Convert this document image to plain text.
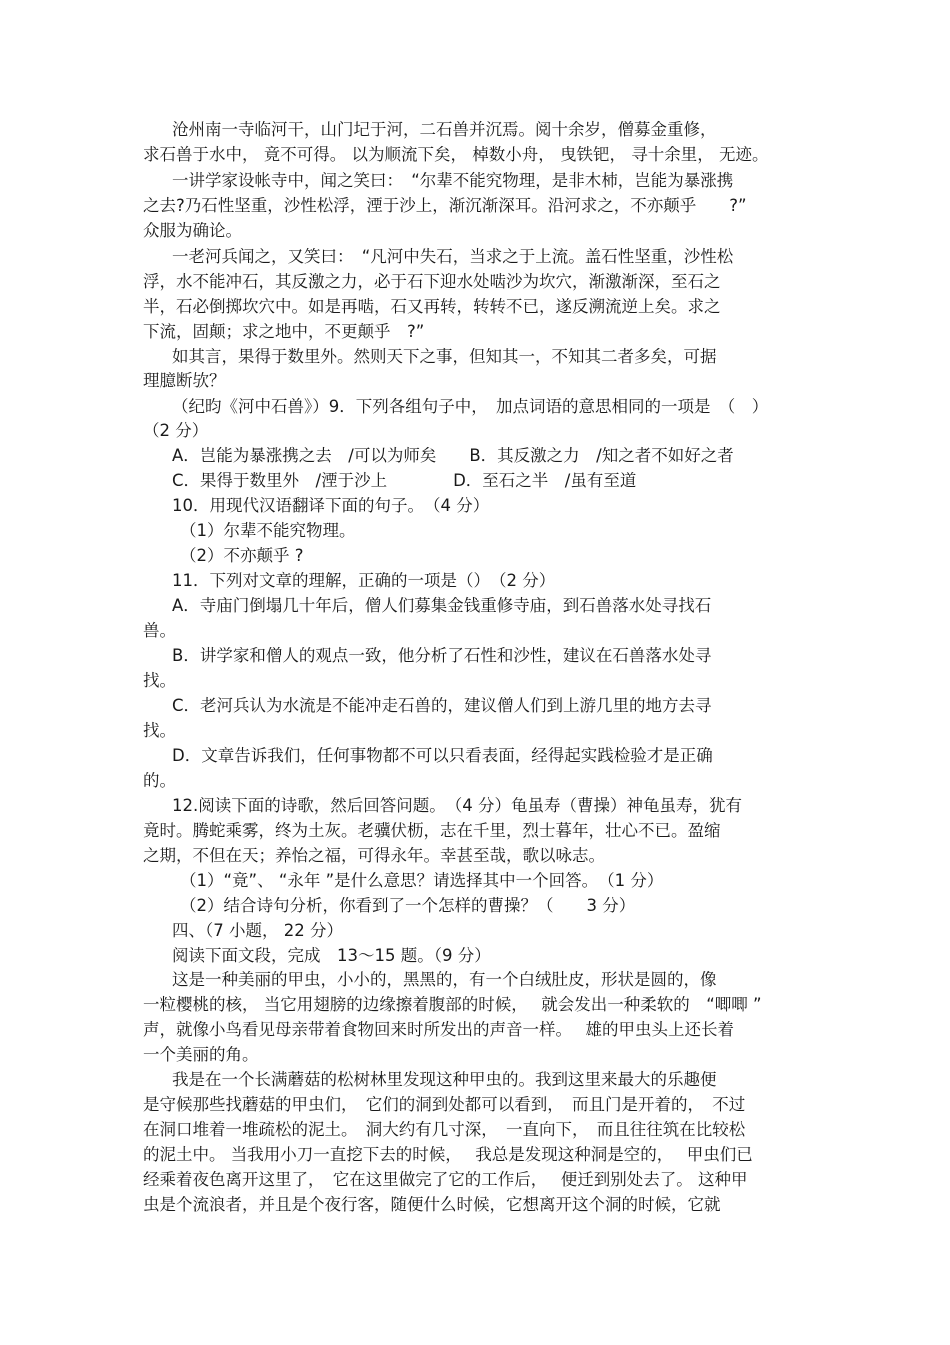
沧州南一寺临河干，山门圮于河，二石兽并沉焉。阅十余岁，僧募金重修，
求石兽于水中， 竟不可得。 以为顺流下矣， 棹数小舟， 曳铁钯， 寻十余里， 无迹。
一讲学家设帐寺中，闻之笑曰：　“尔辈不能究物理，是非木杮，岂能为暴涨携
之去?乃石性坚重，沙性松浮，湮于沙上，渐沉渐深耳。沿河求之，不亦颠乎　　?”
众服为确论。
一老河兵闻之，又笑曰：　“凡河中失石，当求之于上流。盖石性坚重，沙性松
浮，水不能冲石，其反激之力，必于石下迎水处啮沙为坎穴，渐激渐深，至石之
半，石必倒掷坎穴中。如是再啮，石又再转，转转不已，遂反溯流逆上矣。求之
下流，固颠；求之地中，不更颠乎　?”
如其言，果得于数里外。然则天下之事，但知其一，不知其二者多矣，可据
理臆断欤？
（纪昀《河中石兽》）9．下列各组句子中，　加点词语的意思相同的一项是　（　）
（2 分）
A．岂能为暴涨携之去　/可以为师矣　　B．其反激之力　/知之者不如好之者
C．果得于数里外　/湮于沙上　　　　D．至石之半　/虽有至道
10．用现代汉语翻译下面的句子。　（4 分）
（1）尔辈不能究物理。
（2）不亦颠乎 ?
11．下列对文章的理解，正确的一项是（）　（2 分）
A．寺庙门倒塌几十年后，僧人们募集金钱重修寺庙，到石兽落水处寻找石
兽。
B．讲学家和僧人的观点一致，他分析了石性和沙性，建议在石兽落水处寻
找。
C．老河兵认为水流是不能冲走石兽的，建议僧人们到上游几里的地方去寻
找。
D．文章告诉我们，任何事物都不可以只看表面，经得起实践检验才是正确
的。
12.阅读下面的诗歌，然后回答问题。　（4 分）龟虽寿（曹操）神龟虽寿，犹有
竟时。腾蛇乘雾，终为土灰。老骥伏枥，志在千里，烈士暮年，壮心不已。盈缩
之期，不但在天；养怡之福，可得永年。幸甚至哉，歌以咏志。
（1）“竟”、 “永年 ”是什么意思？请选择其中一个回答。　（1 分）
（2）结合诗句分析，你看到了一个怎样的曹操？（　　3 分）
四、（7 小题， 22 分）
阅读下面文段，完成　13～15 题。（9 分）
这是一种美丽的甲虫，小小的，黑黑的，有一个白绒肚皮，形状是圆的，像
一粒樱桃的核， 当它用翅膀的边缘擦着腹部的时候，　 就会发出一种柔软的　“唧唧 ”
声，就像小鸟看见母亲带着食物回来时所发出的声音一样。　 雄的甲虫头上还长着
一个美丽的角。
我是在一个长满蘑菇的松树林里发现这种甲虫的。我到这里来最大的乐趣便
是守候那些找蘑菇的甲虫们，　它们的洞到处都可以看到，　而且门是开着的，　不过
在洞口堆着一堆疏松的泥土。　洞大约有几寸深，　一直向下，　而且往往筑在比较松
的泥土中。 当我用小刀一直挖下去的时候，　 我总是发现这种洞是空的，　 甲虫们已
经乘着夜色离开这里了，　它在这里做完了它的工作后，　 便迁到别处去了。 这种甲
虫是个流浪者，并且是个夜行客，随便什么时候，它想离开这个洞的时候，它就
